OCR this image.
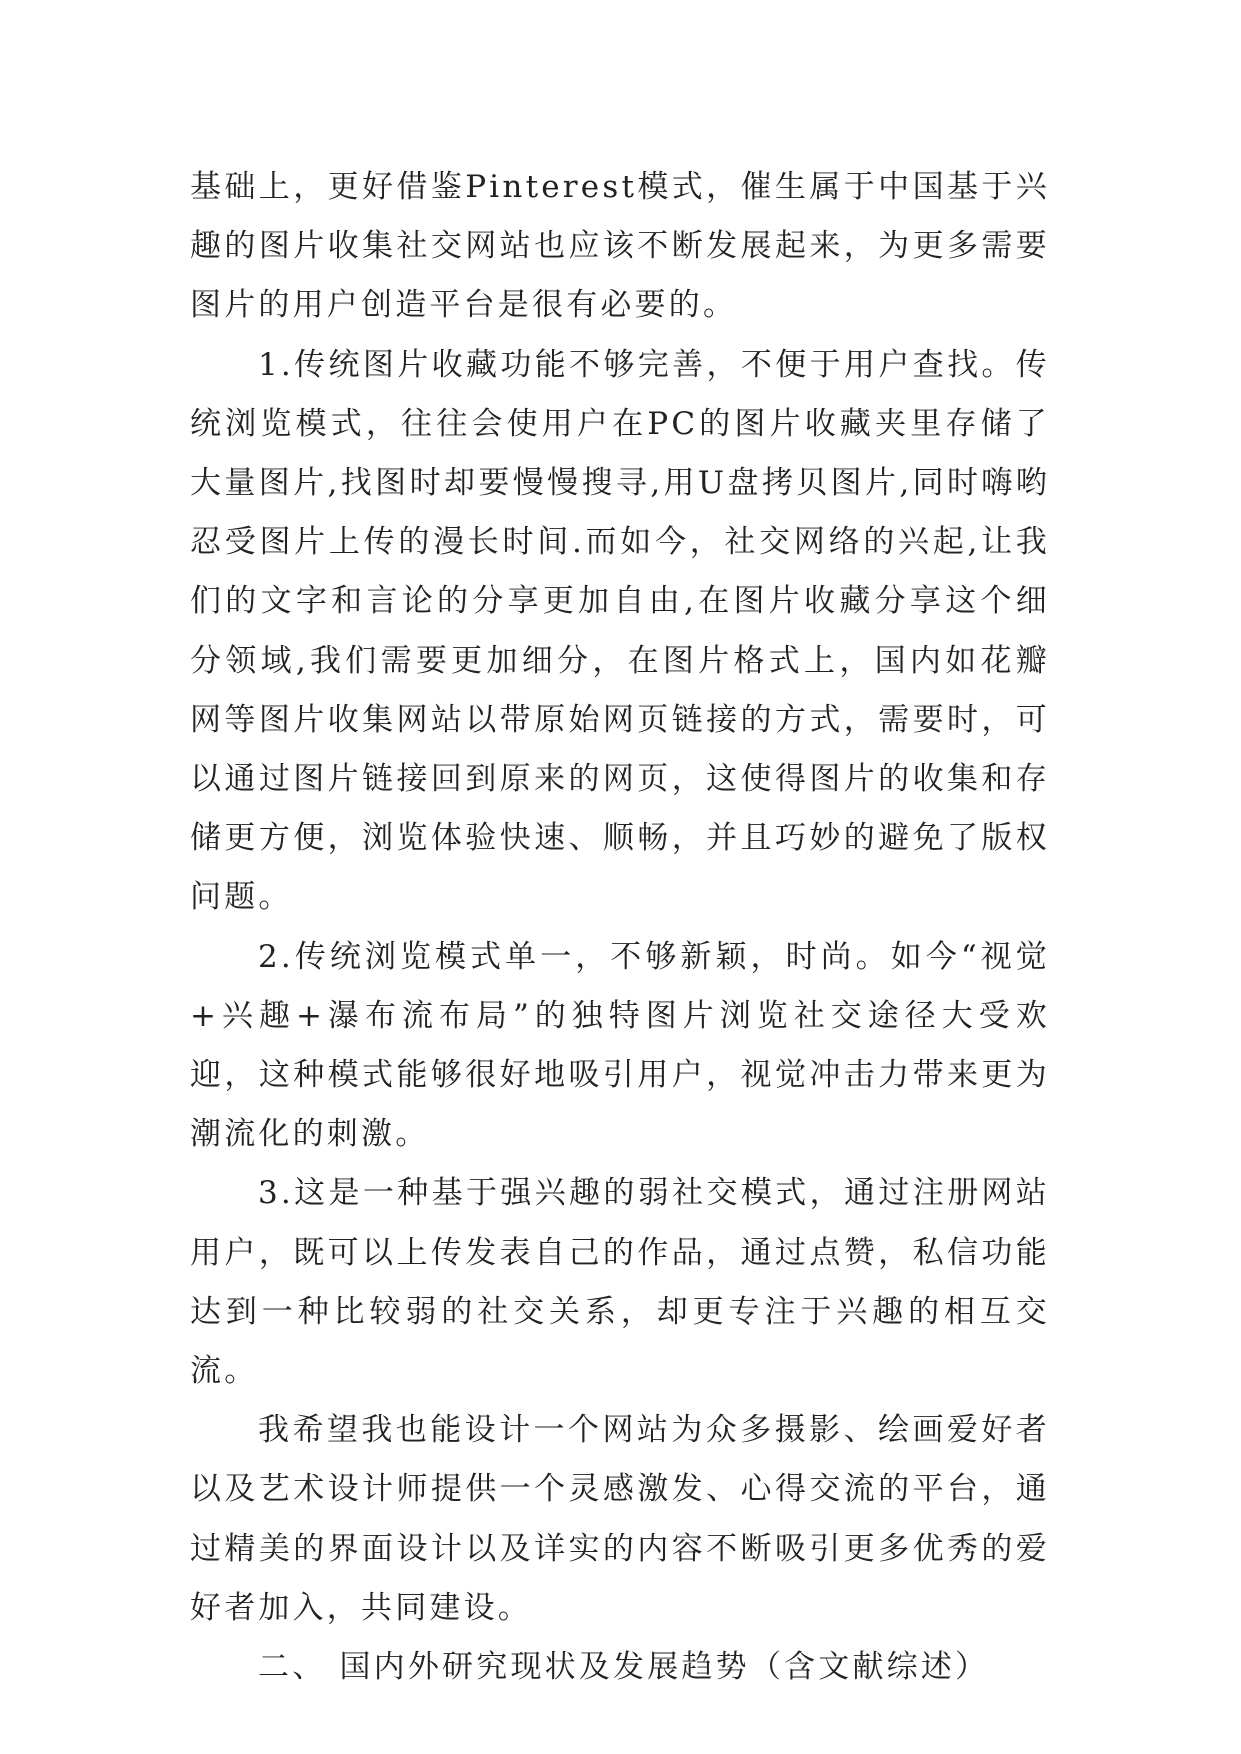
基础上，更好借鉴Pinterest模式，催生属于中国基于兴趣的图片收集社交网站也应该不断发展起来，为更多需要图片的用户创造平台是很有必要的。

1.传统图片收藏功能不够完善，不便于用户查找。传统浏览模式，往往会使用户在PC的图片收藏夹里存储了大量图片,找图时却要慢慢搜寻,用U盘拷贝图片,同时嗨哟忍受图片上传的漫长时间.而如今，社交网络的兴起,让我们的文字和言论的分享更加自由,在图片收藏分享这个细分领域,我们需要更加细分，在图片格式上，国内如花瓣网等图片收集网站以带原始网页链接的方式，需要时，可以通过图片链接回到原来的网页，这使得图片的收集和存储更方便，浏览体验快速、顺畅，并且巧妙的避免了版权问题。

2.传统浏览模式单一，不够新颖，时尚。如今“视觉+兴趣+瀑布流布局”的独特图片浏览社交途径大受欢迎，这种模式能够很好地吸引用户，视觉冲击力带来更为潮流化的刺激。

3.这是一种基于强兴趣的弱社交模式，通过注册网站用户，既可以上传发表自己的作品，通过点赞，私信功能达到一种比较弱的社交关系，却更专注于兴趣的相互交流。

我希望我也能设计一个网站为众多摄影、绘画爱好者以及艺术设计师提供一个灵感激发、心得交流的平台，通过精美的界面设计以及详实的内容不断吸引更多优秀的爱好者加入，共同建设。

二、 国内外研究现状及发展趋势（含文献综述）
